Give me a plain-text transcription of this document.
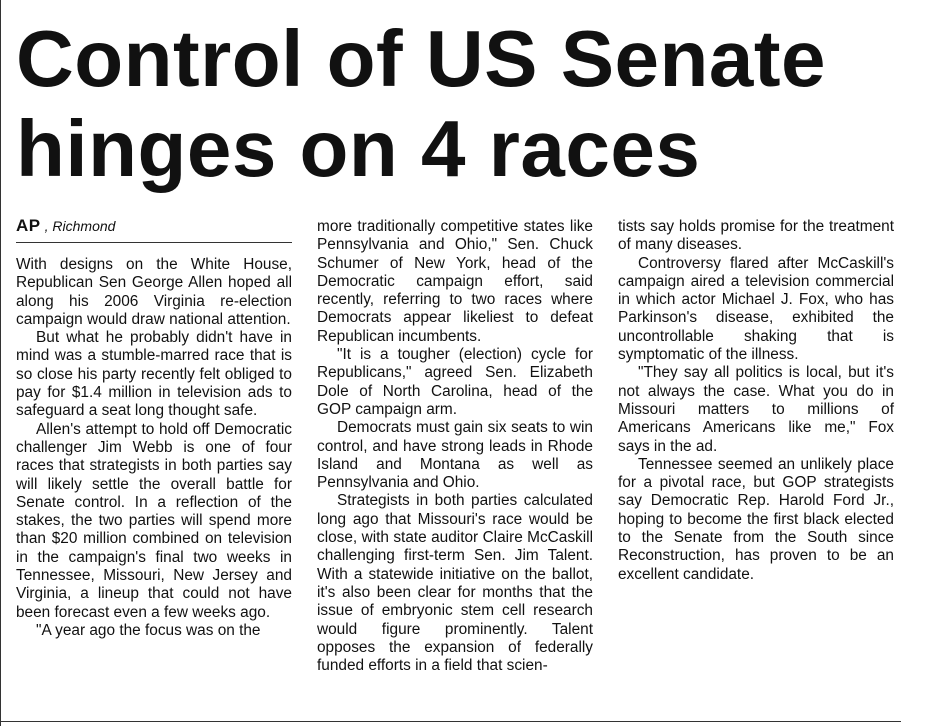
Control of US Senate
hinges on 4 races
AP , Richmond

With designs on the White House, Republican Sen George Allen hoped all along his 2006 Virginia re-election campaign would draw national attention.

But what he probably didn't have in mind was a stumble-marred race that is so close his party recently felt obliged to pay for $1.4 million in television ads to safeguard a seat long thought safe.

Allen's attempt to hold off Democratic challenger Jim Webb is one of four races that strategists in both parties say will likely settle the overall battle for Senate control. In a reflection of the stakes, the two parties will spend more than $20 million combined on television in the campaign's final two weeks in Tennessee, Missouri, New Jersey and Virginia, a lineup that could not have been forecast even a few weeks ago.

"A year ago the focus was on the

more traditionally competitive states like Pennsylvania and Ohio," Sen. Chuck Schumer of New York, head of the Democratic campaign effort, said recently, referring to two races where Democrats appear likeliest to defeat Republican incumbents.

"It is a tougher (election) cycle for Republicans," agreed Sen. Elizabeth Dole of North Carolina, head of the GOP campaign arm.

Democrats must gain six seats to win control, and have strong leads in Rhode Island and Montana as well as Pennsylvania and Ohio.

Strategists in both parties calculated long ago that Missouri's race would be close, with state auditor Claire McCaskill challenging first-term Sen. Jim Talent. With a statewide initiative on the ballot, it's also been clear for months that the issue of embryonic stem cell research would figure prominently. Talent opposes the expansion of federally funded efforts in a field that scien-

tists say holds promise for the treatment of many diseases.

Controversy flared after McCaskill's campaign aired a television commercial in which actor Michael J. Fox, who has Parkinson's disease, exhibited the uncontrollable shaking that is symptomatic of the illness.

"They say all politics is local, but it's not always the case. What you do in Missouri matters to millions of Americans Americans like me," Fox says in the ad.

Tennessee seemed an unlikely place for a pivotal race, but GOP strategists say Democratic Rep. Harold Ford Jr., hoping to become the first black elected to the Senate from the South since Reconstruction, has proven to be an excellent candidate.
